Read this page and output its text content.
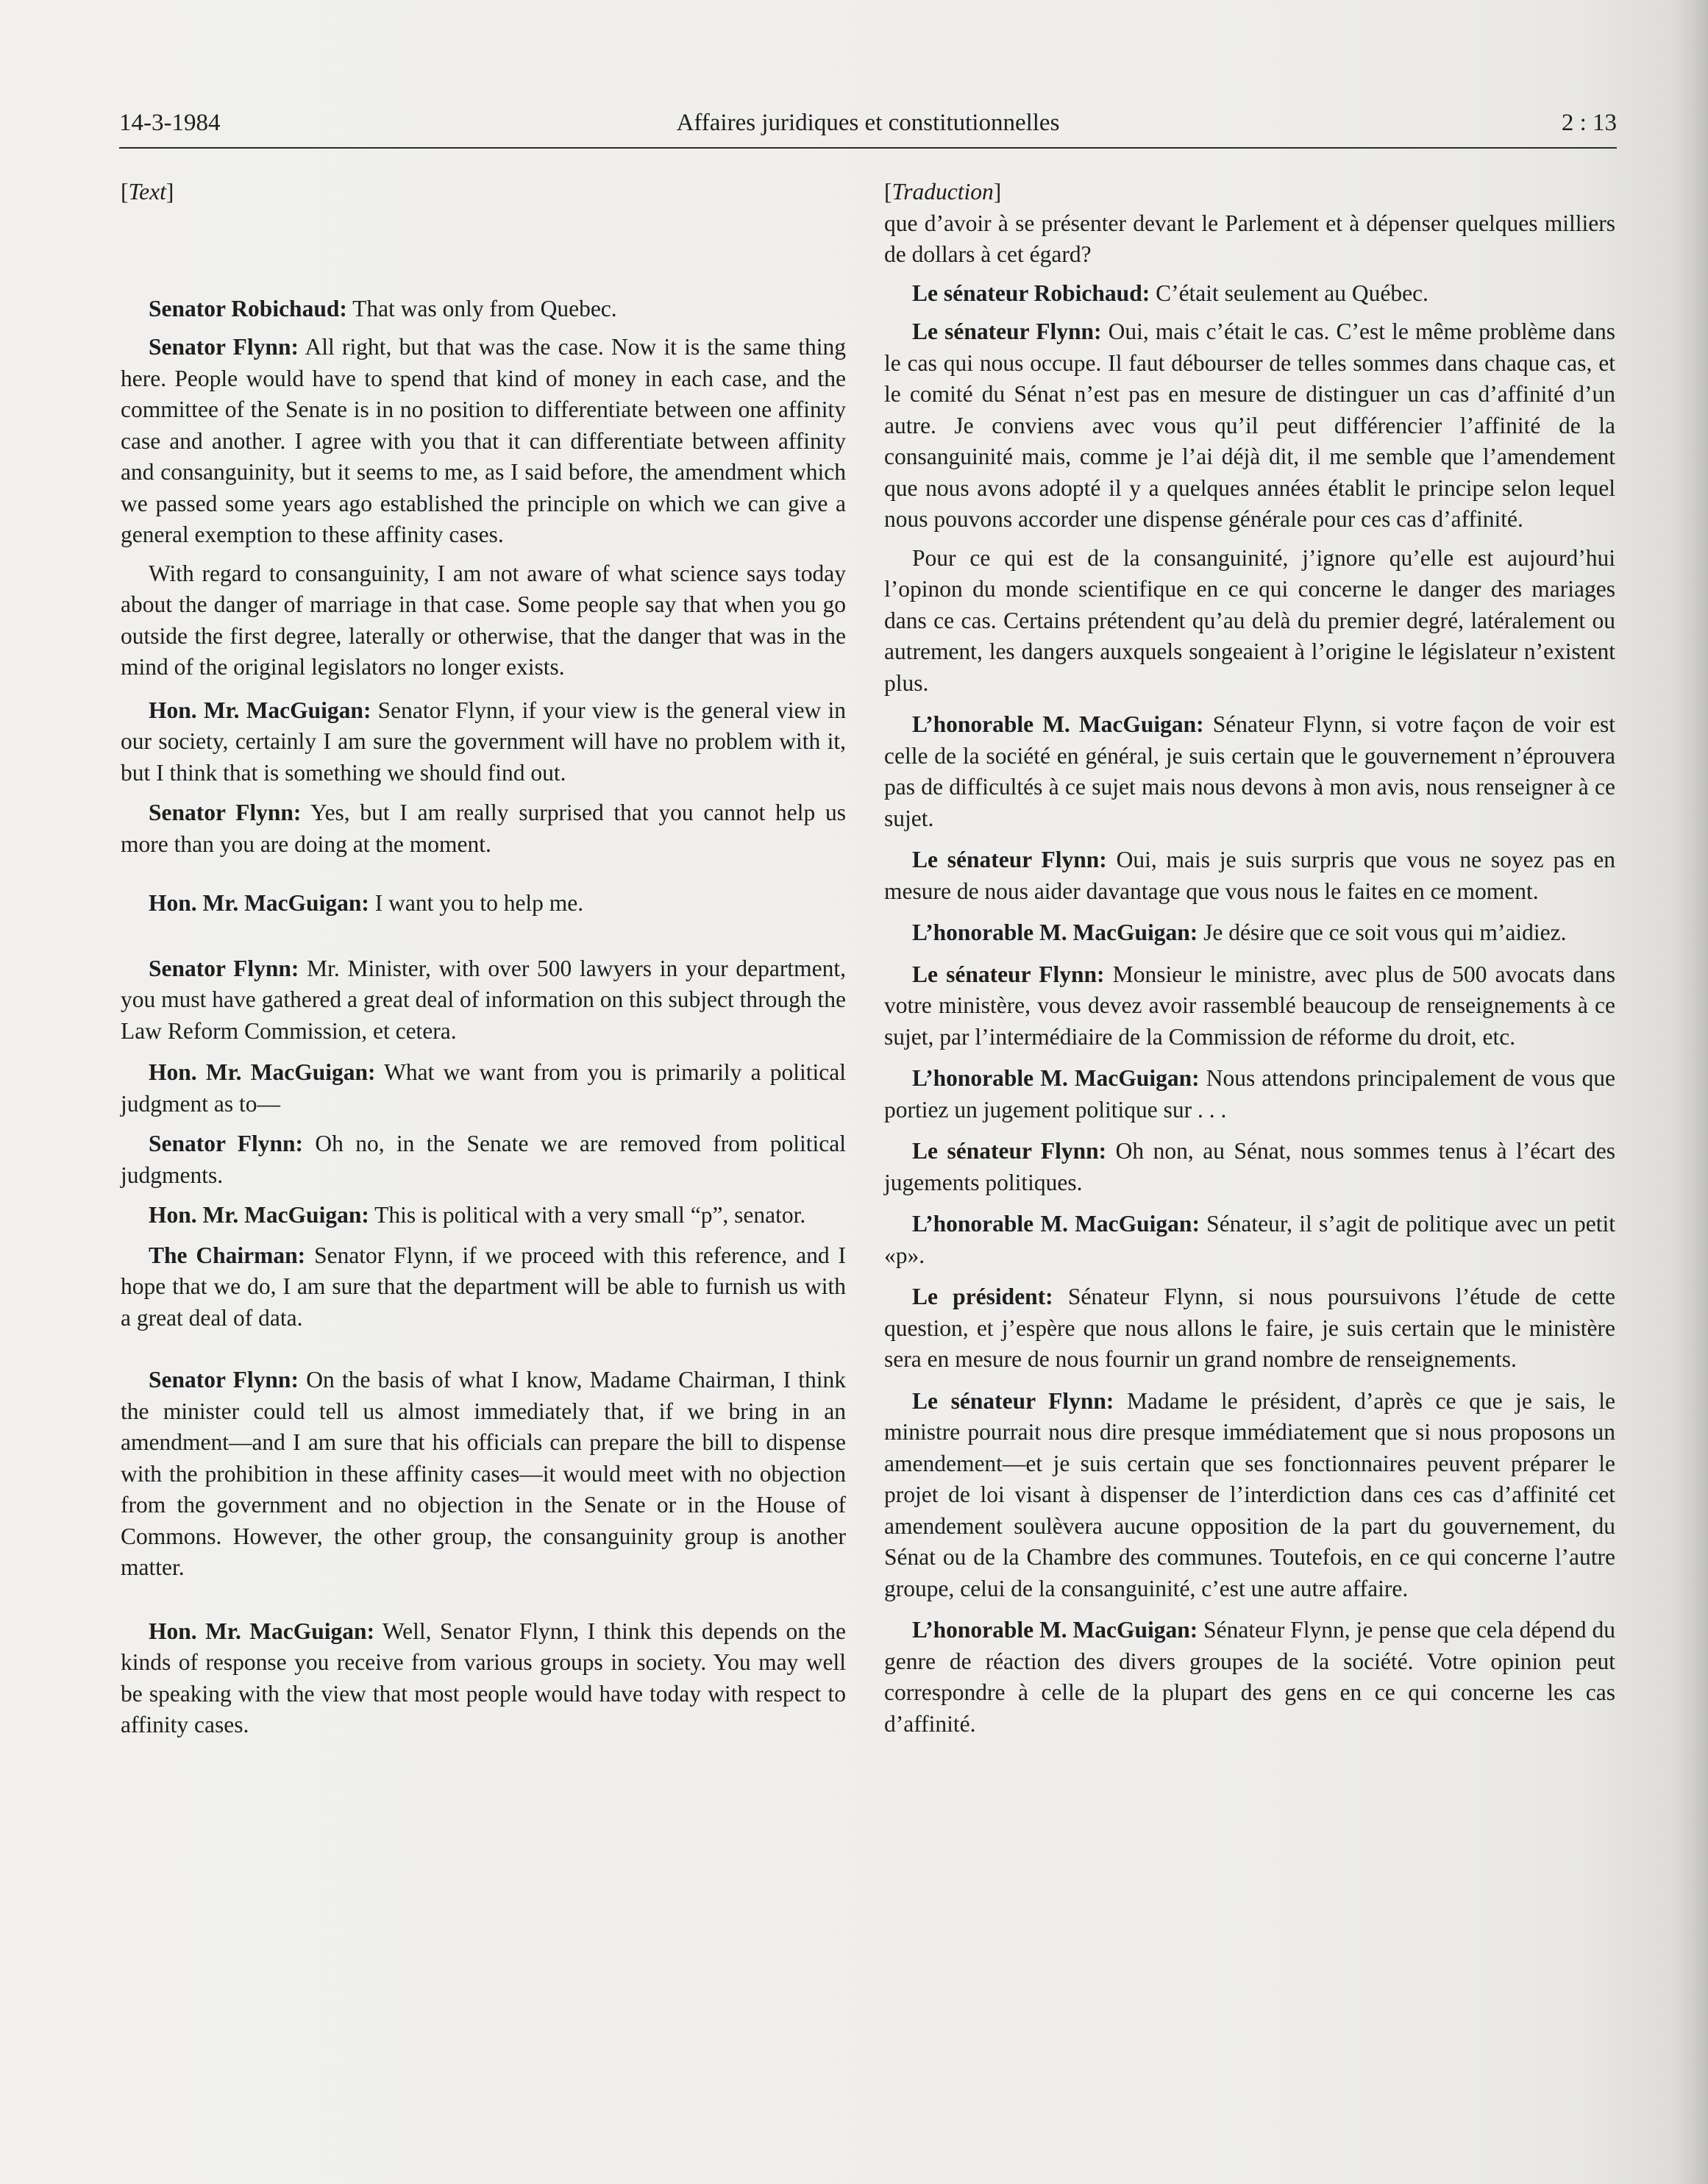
14-3-1984	Affaires juridiques et constitutionnelles	2 : 13
[Text]

Senator Robichaud: That was only from Quebec.

Senator Flynn: All right, but that was the case. Now it is the same thing here. People would have to spend that kind of money in each case, and the committee of the Senate is in no position to differentiate between one affinity case and another. I agree with you that it can differentiate between affinity and consanguinity, but it seems to me, as I said before, the amendment which we passed some years ago established the principle on which we can give a general exemption to these affinity cases.

With regard to consanguinity, I am not aware of what science says today about the danger of marriage in that case. Some people say that when you go outside the first degree, laterally or otherwise, that the danger that was in the mind of the original legislators no longer exists.

Hon. Mr. MacGuigan: Senator Flynn, if your view is the general view in our society, certainly I am sure the government will have no problem with it, but I think that is something we should find out.

Senator Flynn: Yes, but I am really surprised that you cannot help us more than you are doing at the moment.

Hon. Mr. MacGuigan: I want you to help me.

Senator Flynn: Mr. Minister, with over 500 lawyers in your department, you must have gathered a great deal of information on this subject through the Law Reform Commission, et cetera.

Hon. Mr. MacGuigan: What we want from you is primarily a political judgment as to—

Senator Flynn: Oh no, in the Senate we are removed from political judgments.

Hon. Mr. MacGuigan: This is political with a very small “p”, senator.

The Chairman: Senator Flynn, if we proceed with this reference, and I hope that we do, I am sure that the department will be able to furnish us with a great deal of data.

Senator Flynn: On the basis of what I know, Madame Chairman, I think the minister could tell us almost immediately that, if we bring in an amendment—and I am sure that his officials can prepare the bill to dispense with the prohibition in these affinity cases—it would meet with no objection from the government and no objection in the Senate or in the House of Commons. However, the other group, the consanguinity group is another matter.

Hon. Mr. MacGuigan: Well, Senator Flynn, I think this depends on the kinds of response you receive from various groups in society. You may well be speaking with the view that most people would have today with respect to affinity cases.

[Traduction]

que d’avoir à se présenter devant le Parlement et à dépenser quelques milliers de dollars à cet égard?

Le sénateur Robichaud: C’était seulement au Québec.

Le sénateur Flynn: Oui, mais c’était le cas. C’est le même problème dans le cas qui nous occupe. Il faut débourser de telles sommes dans chaque cas, et le comité du Sénat n’est pas en mesure de distinguer un cas d’affinité d’un autre. Je conviens avec vous qu’il peut différencier l’affinité de la consanguinité mais, comme je l’ai déjà dit, il me semble que l’amendement que nous avons adopté il y a quelques années établit le principe selon lequel nous pouvons accorder une dispense générale pour ces cas d’affinité.

Pour ce qui est de la consanguinité, j’ignore qu’elle est aujourd’hui l’opinon du monde scientifique en ce qui concerne le danger des mariages dans ce cas. Certains prétendent qu’au delà du premier degré, latéralement ou autrement, les dangers auxquels songeaient à l’origine le législateur n’existent plus.

L’honorable M. MacGuigan: Sénateur Flynn, si votre façon de voir est celle de la société en général, je suis certain que le gouvernement n’éprouvera pas de difficultés à ce sujet mais nous devons à mon avis, nous renseigner à ce sujet.

Le sénateur Flynn: Oui, mais je suis surpris que vous ne soyez pas en mesure de nous aider davantage que vous nous le faites en ce moment.

L’honorable M. MacGuigan: Je désire que ce soit vous qui m’aidiez.

Le sénateur Flynn: Monsieur le ministre, avec plus de 500 avocats dans votre ministère, vous devez avoir rassemblé beaucoup de renseignements à ce sujet, par l’intermédiaire de la Commission de réforme du droit, etc.

L’honorable M. MacGuigan: Nous attendons principalement de vous que portiez un jugement politique sur . . .

Le sénateur Flynn: Oh non, au Sénat, nous sommes tenus à l’écart des jugements politiques.

L’honorable M. MacGuigan: Sénateur, il s’agit de politique avec un petit «p».

Le président: Sénateur Flynn, si nous poursuivons l’étude de cette question, et j’espère que nous allons le faire, je suis certain que le ministère sera en mesure de nous fournir un grand nombre de renseignements.

Le sénateur Flynn: Madame le président, d’après ce que je sais, le ministre pourrait nous dire presque immédiatement que si nous proposons un amendement—et je suis certain que ses fonctionnaires peuvent préparer le projet de loi visant à dispenser de l’interdiction dans ces cas d’affinité cet amendement soulèvera aucune opposition de la part du gouvernement, du Sénat ou de la Chambre des communes. Toutefois, en ce qui concerne l’autre groupe, celui de la consanguinité, c’est une autre affaire.

L’honorable M. MacGuigan: Sénateur Flynn, je pense que cela dépend du genre de réaction des divers groupes de la société. Votre opinion peut correspondre à celle de la plupart des gens en ce qui concerne les cas d’affinité.
